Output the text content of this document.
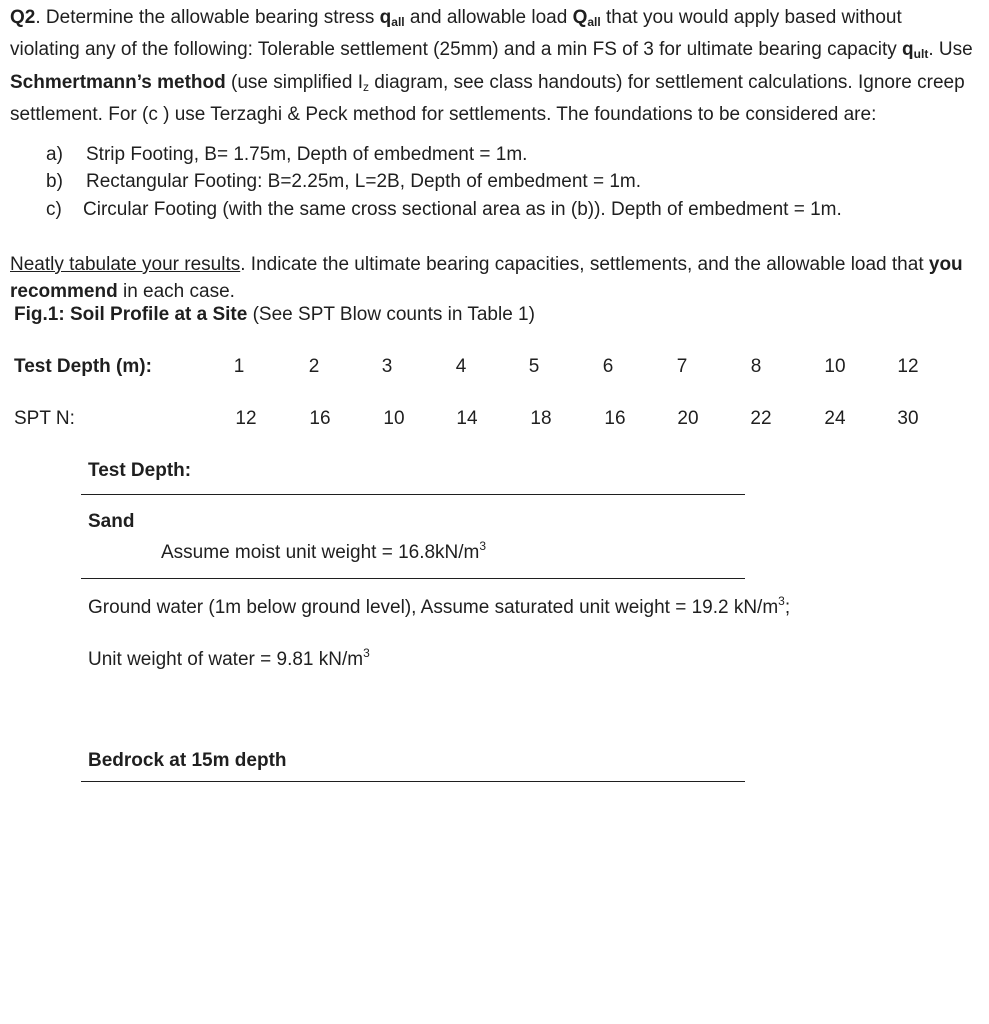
Q2. Determine the allowable bearing stress $q_{all}$ and allowable load $Q_{all}$ that you would apply based without violating any of the following: Tolerable settlement (25mm) and a min FS of 3 for ultimate bearing capacity $q_{ult}$. Use Schmertmann’s method (use simplified $I_z$ diagram, see class handouts) for settlement calculations. Ignore creep settlement. For (c ) use Terzaghi & Peck method for settlements. The foundations to be considered are:

a)	Strip Footing, B= 1.75m, Depth of embedment = 1m.
b)	Rectangular Footing: B=2.25m, L=2B, Depth of embedment = 1m.
c)	Circular Footing (with the same cross sectional area as in (b)). Depth of embedment = 1m.

Neatly tabulate your results. Indicate the ultimate bearing capacities, settlements, and the allowable load that you recommend in each case.

Fig.1: Soil Profile at a Site (See SPT Blow counts in Table 1)
Test Depth (m):	1	2	3	4	5	6	7	8	10	12
SPT N:	12	16	10	14	18	16	20	22	24	30
Test Depth:
Sand
Assume moist unit weight = $16.8kN/m^3$
Ground water (1m below ground level), Assume saturated unit weight = 19.2 $kN/m^3$;
Unit weight of water = 9.81 $kN/m^3$
Bedrock at 15m depth
